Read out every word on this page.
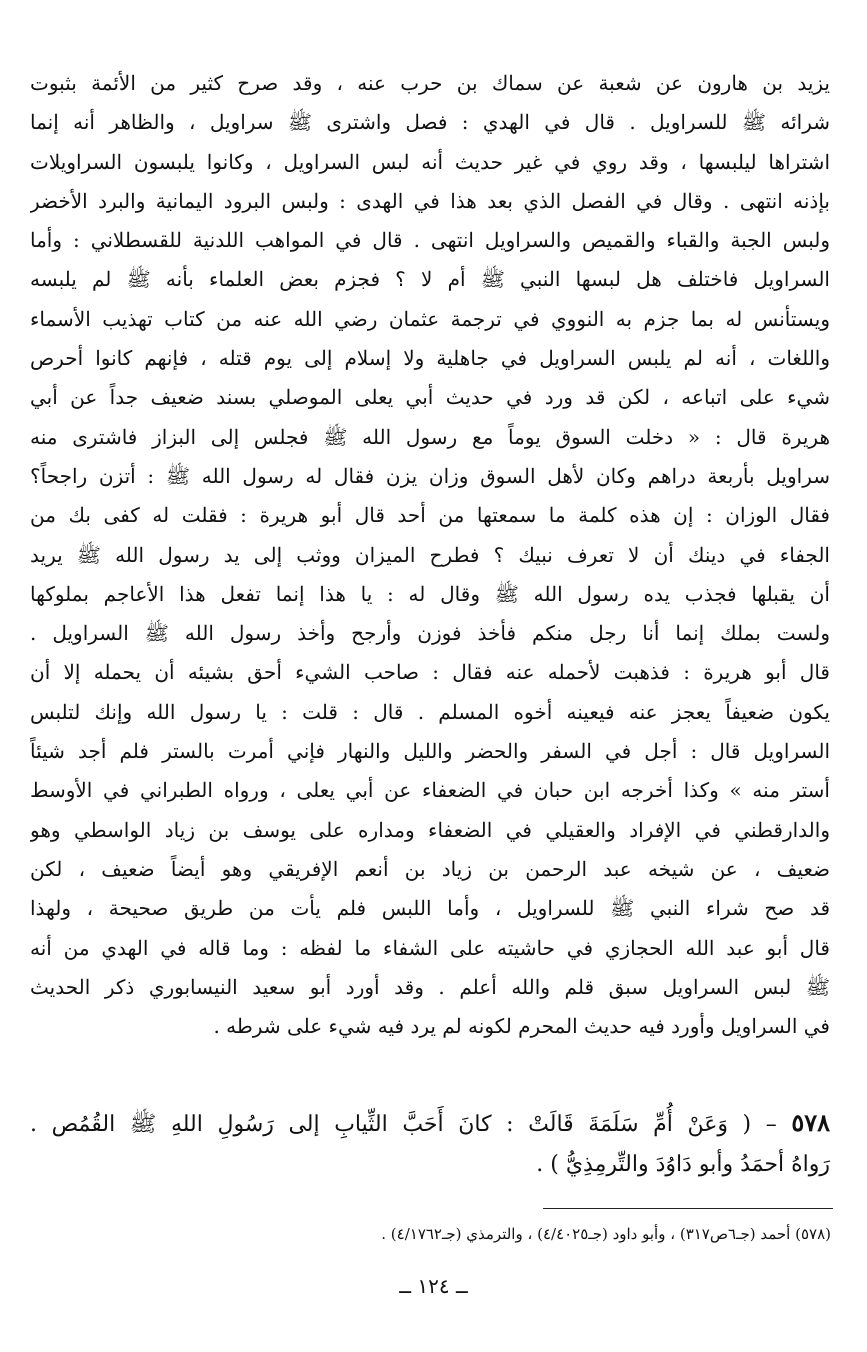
يزيد بن هارون عن شعبة عن سماك بن حرب عنه ، وقد صرح كثير من الأئمة بثبوت
شرائه ﷺ للسراويل . قال في الهدي : فصل واشترى ﷺ سراويل ، والظاهر أنه إنما
اشتراها ليلبسها ، وقد روي في غير حديث أنه لبس السراويل ، وكانوا يلبسون السراويلات
بإذنه انتهى . وقال في الفصل الذي بعد هذا في الهدى : ولبس البرود اليمانية والبرد الأخضر
ولبس الجبة والقباء والقميص والسراويل انتهى . قال في المواهب اللدنية للقسطلاني : وأما
السراويل فاختلف هل لبسها النبي ﷺ أم لا ؟ فجزم بعض العلماء بأنه ﷺ لم يلبسه
ويستأنس له بما جزم به النووي في ترجمة عثمان رضي الله عنه من كتاب تهذيب الأسماء
واللغات ، أنه لم يلبس السراويل في جاهلية ولا إسلام إلى يوم قتله ، فإنهم كانوا أحرص
شيء على اتباعه ، لكن قد ورد في حديث أبي يعلى الموصلي بسند ضعيف جداً عن أبي
هريرة قال : « دخلت السوق يوماً مع رسول الله ﷺ فجلس إلى البزاز فاشترى منه
سراويل بأربعة دراهم وكان لأهل السوق وزان يزن فقال له رسول الله ﷺ : أتزن راجحاً؟
فقال الوزان : إن هذه كلمة ما سمعتها من أحد قال أبو هريرة : فقلت له كفى بك من
الجفاء في دينك أن لا تعرف نبيك ؟ فطرح الميزان ووثب إلى يد رسول الله ﷺ يريد
أن يقبلها فجذب يده رسول الله ﷺ وقال له : يا هذا إنما تفعل هذا الأعاجم بملوكها
ولست بملك إنما أنا رجل منكم فأخذ فوزن وأرجح وأخذ رسول الله ﷺ السراويل .
قال أبو هريرة : فذهبت لأحمله عنه فقال : صاحب الشيء أحق بشيئه أن يحمله إلا أن
يكون ضعيفاً يعجز عنه فيعينه أخوه المسلم . قال : قلت : يا رسول الله وإنك لتلبس
السراويل قال : أجل في السفر والحضر والليل والنهار فإني أمرت بالستر فلم أجد شيئاً
أستر منه » وكذا أخرجه ابن حبان في الضعفاء عن أبي يعلى ، ورواه الطبراني في الأوسط
والدارقطني في الإفراد والعقيلي في الضعفاء ومداره على يوسف بن زياد الواسطي وهو
ضعيف ، عن شيخه عبد الرحمن بن زياد بن أنعم الإفريقي وهو أيضاً ضعيف ، لكن
قد صح شراء النبي ﷺ للسراويل ، وأما اللبس فلم يأت من طريق صحيحة ، ولهذا
قال أبو عبد الله الحجازي في حاشيته على الشفاء ما لفظه : وما قاله في الهدي من أنه
ﷺ لبس السراويل سبق قلم والله أعلم . وقد أورد أبو سعيد النيسابوري ذكر الحديث
في السراويل وأورد فيه حديث المحرم لكونه لم يرد فيه شيء على شرطه .
٥٧٨ – ( وَعَنْ أُمِّ سَلَمَةَ قَالَتْ : كانَ أَحَبَّ الثِّيابِ إلى رَسُولِ اللهِ ﷺ القُمُص .
رَواهُ أحمَدُ وأبو دَاوُدَ والتِّرمِذِيُّ ) .
(٥٧٨) أحمد (جـ٦ص٣١٧) ، وأبو داود (جـ٤/٤٠٢٥) ، والترمذي (جـ٤/١٧٦٢) .
ــ ١٢٤ ــ
